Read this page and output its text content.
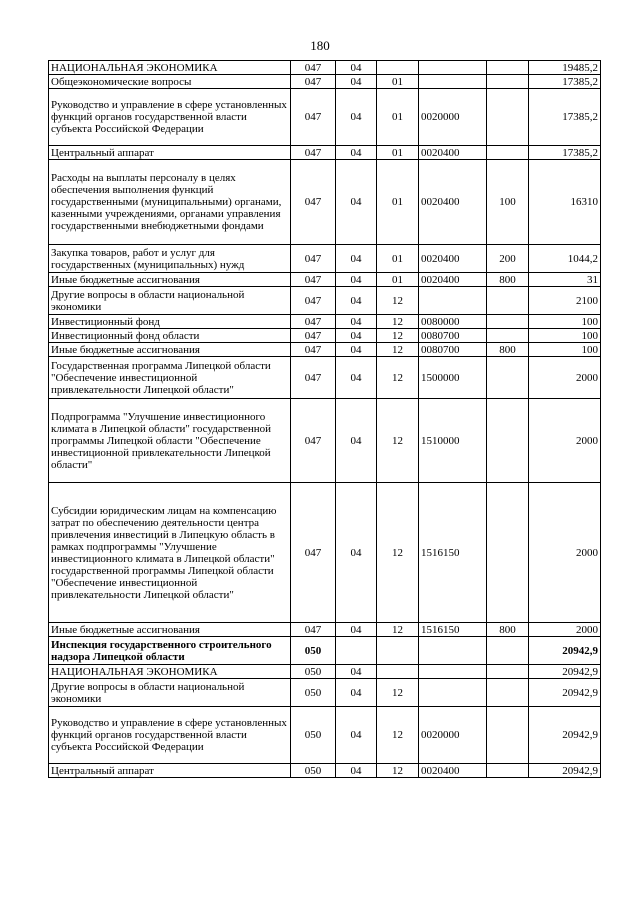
180
НАЦИОНАЛЬНАЯ ЭКОНОМИКА	047	04				19485,2
Общеэкономические вопросы	047	04	01			17385,2
Руководство и управление в сфере установленных функций органов государственной власти субъекта Российской Федерации	047	04	01	0020000		17385,2
Центральный аппарат	047	04	01	0020400		17385,2
Расходы на выплаты персоналу в целях обеспечения выполнения функций государственными (муниципальными) органами, казенными учреждениями, органами управления государственными внебюджетными фондами	047	04	01	0020400	100	16310
Закупка товаров, работ и услуг для государственных (муниципальных) нужд	047	04	01	0020400	200	1044,2
Иные бюджетные ассигнования	047	04	01	0020400	800	31
Другие вопросы в области национальной экономики	047	04	12			2100
Инвестиционный фонд	047	04	12	0080000		100
Инвестиционный фонд области	047	04	12	0080700		100
Иные бюджетные ассигнования	047	04	12	0080700	800	100
Государственная программа Липецкой области "Обеспечение инвестиционной привлекательности Липецкой области"	047	04	12	1500000		2000
Подпрограмма "Улучшение инвестиционного климата в Липецкой области" государственной программы Липецкой области "Обеспечение инвестиционной привлекательности Липецкой области"	047	04	12	1510000		2000
Субсидии юридическим лицам на компенсацию затрат по обеспечению деятельности центра привлечения инвестиций в Липецкую область в рамках подпрограммы "Улучшение инвестиционного климата в Липецкой области" государственной программы Липецкой области "Обеспечение инвестиционной привлекательности Липецкой области"	047	04	12	1516150		2000
Иные бюджетные ассигнования	047	04	12	1516150	800	2000
Инспекция государственного строительного надзора Липецкой области	050					20942,9
НАЦИОНАЛЬНАЯ ЭКОНОМИКА	050	04				20942,9
Другие вопросы в области национальной экономики	050	04	12			20942,9
Руководство и управление в сфере установленных функций органов государственной власти субъекта Российской Федерации	050	04	12	0020000		20942,9
Центральный аппарат	050	04	12	0020400		20942,9
